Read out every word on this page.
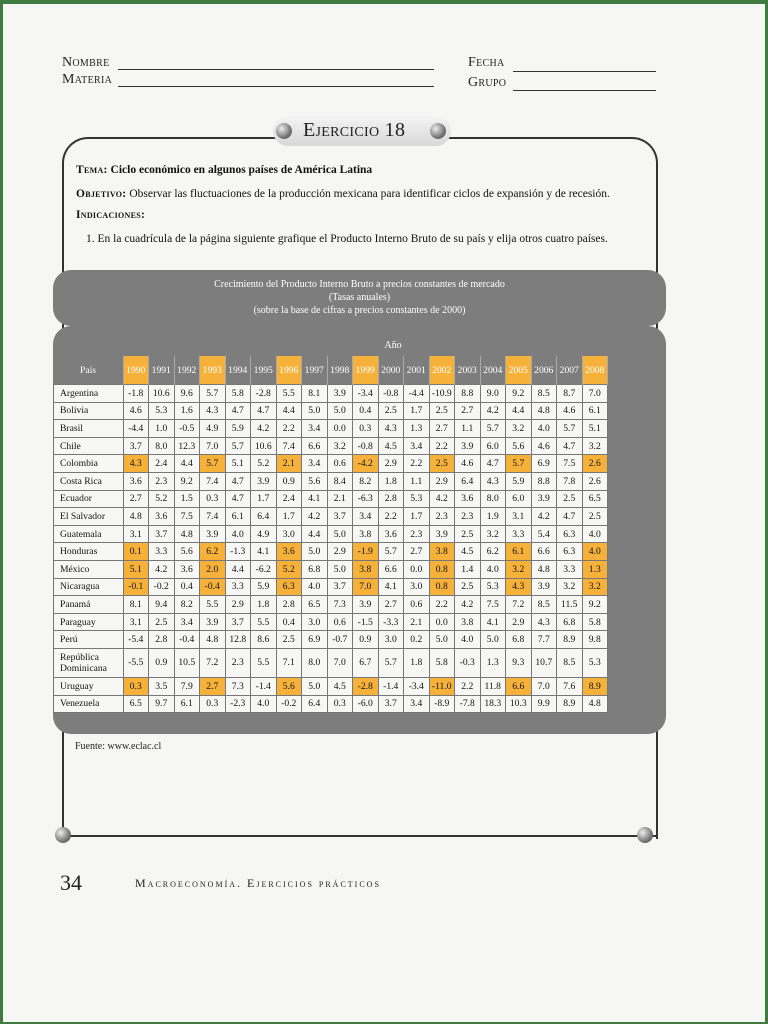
Nombre
Materia
Fecha
Grupo
Ejercicio 18
Tema: Ciclo económico en algunos países de América Latina
Objetivo: Observar las fluctuaciones de la producción mexicana para identificar ciclos de expansión y de recesión.
Indicaciones:
1. En la cuadrícula de la página siguiente grafique el Producto Interno Bruto de su país y elija otros cuatro países.
Crecimiento del Producto Interno Bruto a precios constantes de mercado
(Tasas anuales)
(sobre la base de cifras a precios constantes de 2000)
País	1990	1991	1992	1993	1994	1995	1996	1997	1998	1999	2000	2001	2002	2003	2004	2005	2006	2007	2008
Argentina	-1.8	10.6	9.6	5.7	5.8	-2.8	5.5	8.1	3.9	-3.4	-0.8	-4.4	-10.9	8.8	9.0	9.2	8.5	8.7	7.0
Bolivia	4.6	5.3	1.6	4.3	4.7	4.7	4.4	5.0	5.0	0.4	2.5	1.7	2.5	2.7	4.2	4.4	4.8	4.6	6.1
Brasil	-4.4	1.0	-0.5	4.9	5.9	4.2	2.2	3.4	0.0	0.3	4.3	1.3	2.7	1.1	5.7	3.2	4.0	5.7	5.1
Chile	3.7	8.0	12.3	7.0	5.7	10.6	7.4	6.6	3.2	-0.8	4.5	3.4	2.2	3.9	6.0	5.6	4.6	4.7	3.2
Colombia	4.3	2.4	4.4	5.7	5.1	5.2	2.1	3.4	0.6	-4.2	2.9	2.2	2.5	4.6	4.7	5.7	6.9	7.5	2.6
Costa Rica	3.6	2.3	9.2	7.4	4.7	3.9	0.9	5.6	8.4	8.2	1.8	1.1	2.9	6.4	4.3	5.9	8.8	7.8	2.6
Ecuador	2.7	5.2	1.5	0.3	4.7	1.7	2.4	4.1	2.1	-6.3	2.8	5.3	4.2	3.6	8.0	6.0	3.9	2.5	6.5
El Salvador	4.8	3.6	7.5	7.4	6.1	6.4	1.7	4.2	3.7	3.4	2.2	1.7	2.3	2.3	1.9	3.1	4.2	4.7	2.5
Guatemala	3.1	3.7	4.8	3.9	4.0	4.9	3.0	4.4	5.0	3.8	3.6	2.3	3.9	2.5	3.2	3.3	5.4	6.3	4.0
Honduras	0.1	3.3	5.6	6.2	-1.3	4.1	3.6	5.0	2.9	-1.9	5.7	2.7	3.8	4.5	6.2	6.1	6.6	6.3	4.0
México	5.1	4.2	3.6	2.0	4.4	-6.2	5.2	6.8	5.0	3.8	6.6	0.0	0.8	1.4	4.0	3.2	4.8	3.3	1.3
Nicaragua	-0.1	-0.2	0.4	-0.4	3.3	5.9	6.3	4.0	3.7	7.0	4.1	3.0	0.8	2.5	5.3	4.3	3.9	3.2	3.2
Panamá	8.1	9.4	8.2	5.5	2.9	1.8	2.8	6.5	7.3	3.9	2.7	0.6	2.2	4.2	7.5	7.2	8.5	11.5	9.2
Paraguay	3.1	2.5	3.4	3.9	3.7	5.5	0.4	3.0	0.6	-1.5	-3.3	2.1	0.0	3.8	4.1	2.9	4.3	6.8	5.8
Perú	-5.4	2.8	-0.4	4.8	12.8	8.6	2.5	6.9	-0.7	0.9	3.0	0.2	5.0	4.0	5.0	6.8	7.7	8.9	9.8
República Dominicana	-5.5	0.9	10.5	7.2	2.3	5.5	7.1	8.0	7.0	6.7	5.7	1.8	5.8	-0.3	1.3	9.3	10.7	8.5	5.3
Uruguay	0.3	3.5	7.9	2.7	7.3	-1.4	5.6	5.0	4.5	-2.8	-1.4	-3.4	-11.0	2.2	11.8	6.6	7.0	7.6	8.9
Venezuela	6.5	9.7	6.1	0.3	-2.3	4.0	-0.2	6.4	0.3	-6.0	3.7	3.4	-8.9	-7.8	18.3	10.3	9.9	8.9	4.8
Año
Fuente: www.eclac.cl
34	Macroeconomía. Ejercicios prácticos
